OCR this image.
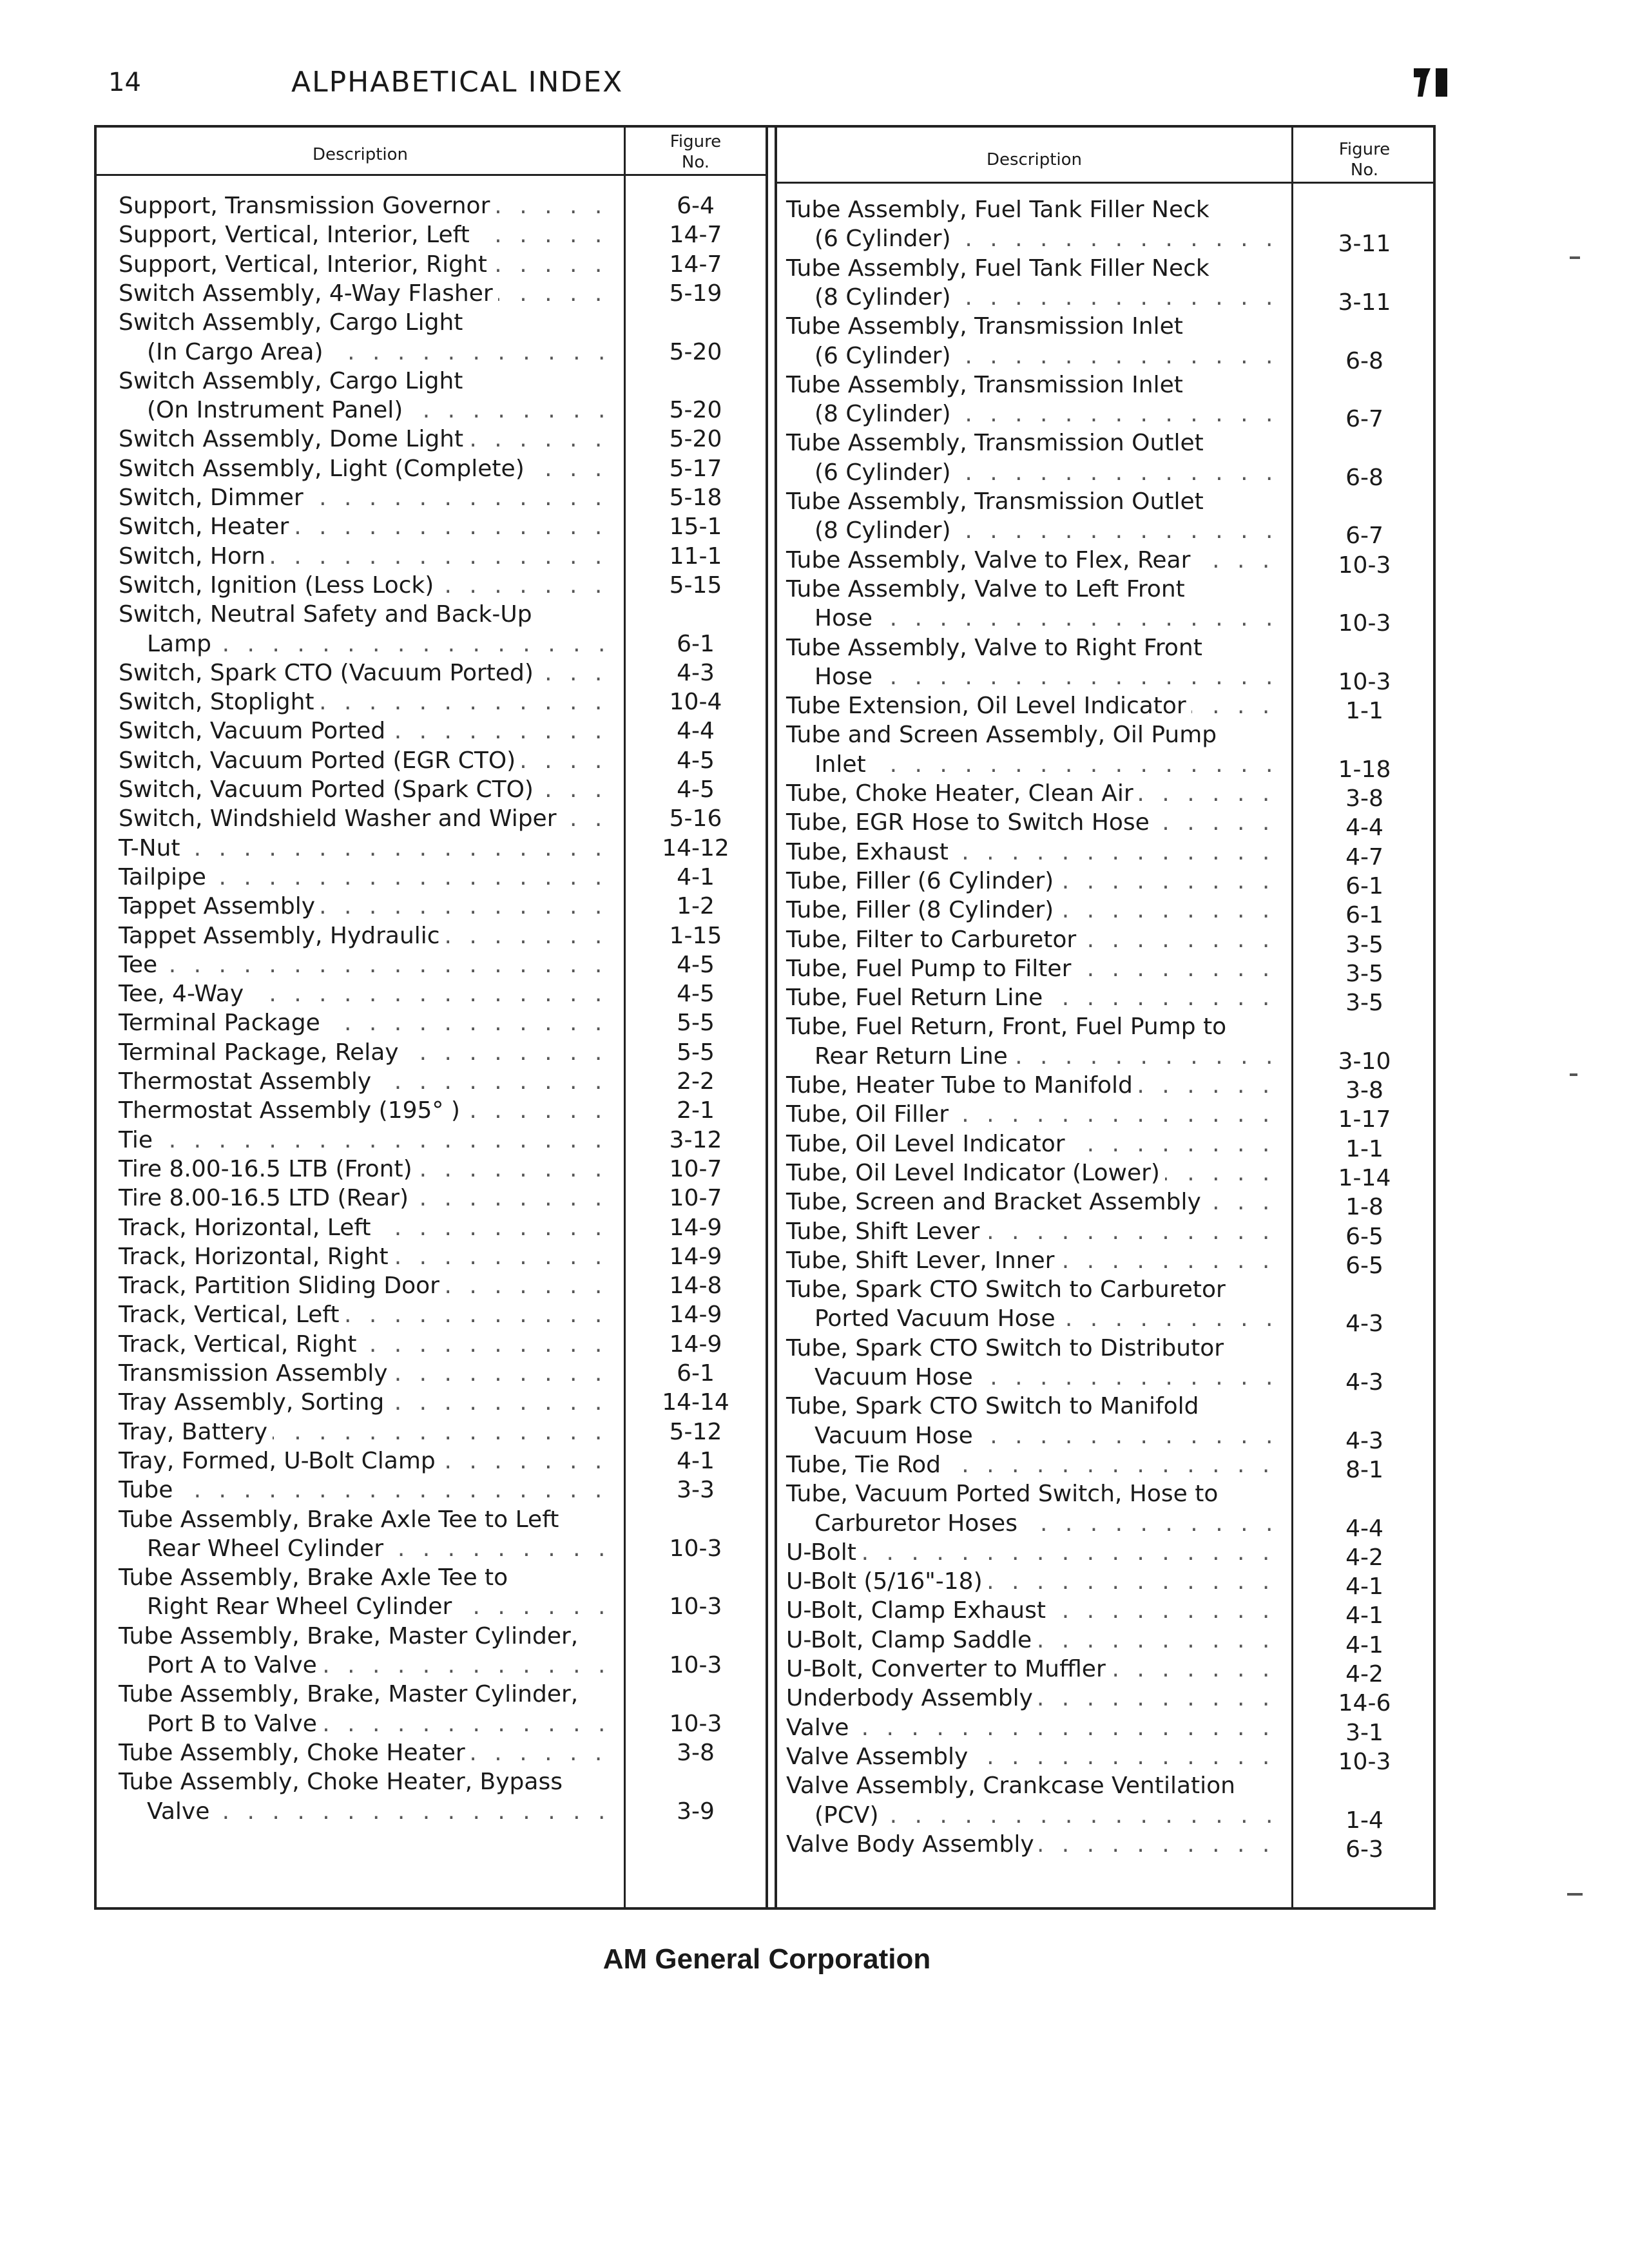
14	ALPHABETICAL INDEX
Description
Figure
No.	Description
Figure
No.
Support, Transmission Governor . . .	6-4
Support, Vertical, Interior, Left . . .	14-7
Support, Vertical, Interior, Right . . .	14-7
Switch Assembly, 4-Way Flasher . . .	5-19
Switch Assembly, Cargo Light
(In Cargo Area) . . .	5-20
Switch Assembly, Cargo Light
(On Instrument Panel) . . .	5-20
Switch Assembly, Dome Light . . .	5-20
Switch Assembly, Light (Complete) . . .	5-17
Switch, Dimmer . . .	5-18
Switch, Heater . . .	15-1
Switch, Horn . . .	11-1
Switch, Ignition (Less Lock) . . .	5-15
Switch, Neutral Safety and Back-Up
Lamp . . .	6-1
Switch, Spark CTO (Vacuum Ported) . . .	4-3
Switch, Stoplight . . .	10-4
Switch, Vacuum Ported . . .	4-4
Switch, Vacuum Ported (EGR CTO) . . .	4-5
Switch, Vacuum Ported (Spark CTO) . . .	4-5
Switch, Windshield Washer and Wiper . . .	5-16
T-Nut . . .	14-12
Tailpipe . . .	4-1
Tappet Assembly . . .	1-2
Tappet Assembly, Hydraulic . . .	1-15
Tee . . .	4-5
Tee, 4-Way . . .	4-5
Terminal Package . . .	5-5
Terminal Package, Relay . . .	5-5
Thermostat Assembly . . .	2-2
Thermostat Assembly (195° ) . . .	2-1
Tie . . .	3-12
Tire 8.00-16.5 LTB (Front) . . .	10-7
Tire 8.00-16.5 LTD (Rear) . . .	10-7
Track, Horizontal, Left . . .	14-9
Track, Horizontal, Right . . .	14-9
Track, Partition Sliding Door . . .	14-8
Track, Vertical, Left . . .	14-9
Track, Vertical, Right . . .	14-9
Transmission Assembly . . .	6-1
Tray Assembly, Sorting . . .	14-14
Tray, Battery . . .	5-12
Tray, Formed, U-Bolt Clamp . . .	4-1
Tube . . .	3-3
Tube Assembly, Brake Axle Tee to Left
Rear Wheel Cylinder . . .	10-3
Tube Assembly, Brake Axle Tee to
Right Rear Wheel Cylinder . . .	10-3
Tube Assembly, Brake, Master Cylinder,
Port A to Valve . . .	10-3
Tube Assembly, Brake, Master Cylinder,
Port B to Valve . . .	10-3
Tube Assembly, Choke Heater . . .	3-8
Tube Assembly, Choke Heater, Bypass
Valve . . .	3-9
Tube Assembly, Fuel Tank Filler Neck
(6 Cylinder) . . .	3-11
Tube Assembly, Fuel Tank Filler Neck
(8 Cylinder) . . .	3-11
Tube Assembly, Transmission Inlet
(6 Cylinder) . . .	6-8
Tube Assembly, Transmission Inlet
(8 Cylinder) . . .	6-7
Tube Assembly, Transmission Outlet
(6 Cylinder) . . .	6-8
Tube Assembly, Transmission Outlet
(8 Cylinder) . . .	6-7
Tube Assembly, Valve to Flex, Rear . . .	10-3
Tube Assembly, Valve to Left Front
Hose . . .	10-3
Tube Assembly, Valve to Right Front
Hose . . .	10-3
Tube Extension, Oil Level Indicator . . .	1-1
Tube and Screen Assembly, Oil Pump
Inlet . . .	1-18
Tube, Choke Heater, Clean Air . . .	3-8
Tube, EGR Hose to Switch Hose . . .	4-4
Tube, Exhaust . . .	4-7
Tube, Filler (6 Cylinder) . . .	6-1
Tube, Filler (8 Cylinder) . . .	6-1
Tube, Filter to Carburetor . . .	3-5
Tube, Fuel Pump to Filter . . .	3-5
Tube, Fuel Return Line . . .	3-5
Tube, Fuel Return, Front, Fuel Pump to
Rear Return Line . . .	3-10
Tube, Heater Tube to Manifold . . .	3-8
Tube, Oil Filler . . .	1-17
Tube, Oil Level Indicator . . .	1-1
Tube, Oil Level Indicator (Lower) . . .	1-14
Tube, Screen and Bracket Assembly . . .	1-8
Tube, Shift Lever . . .	6-5
Tube, Shift Lever, Inner . . .	6-5
Tube, Spark CTO Switch to Carburetor
Ported Vacuum Hose . . .	4-3
Tube, Spark CTO Switch to Distributor
Vacuum Hose . . .	4-3
Tube, Spark CTO Switch to Manifold
Vacuum Hose . . .	4-3
Tube, Tie Rod . . .	8-1
Tube, Vacuum Ported Switch, Hose to
Carburetor Hoses . . .	4-4
U-Bolt . . .	4-2
U-Bolt (5/16"-18) . . .	4-1
U-Bolt, Clamp Exhaust . . .	4-1
U-Bolt, Clamp Saddle . . .	4-1
U-Bolt, Converter to Muffler . . .	4-2
Underbody Assembly . . .	14-6
Valve . . .	3-1
Valve Assembly . . .	10-3
Valve Assembly, Crankcase Ventilation
(PCV) . . .	1-4
Valve Body Assembly . . .	6-3
AM General Corporation
